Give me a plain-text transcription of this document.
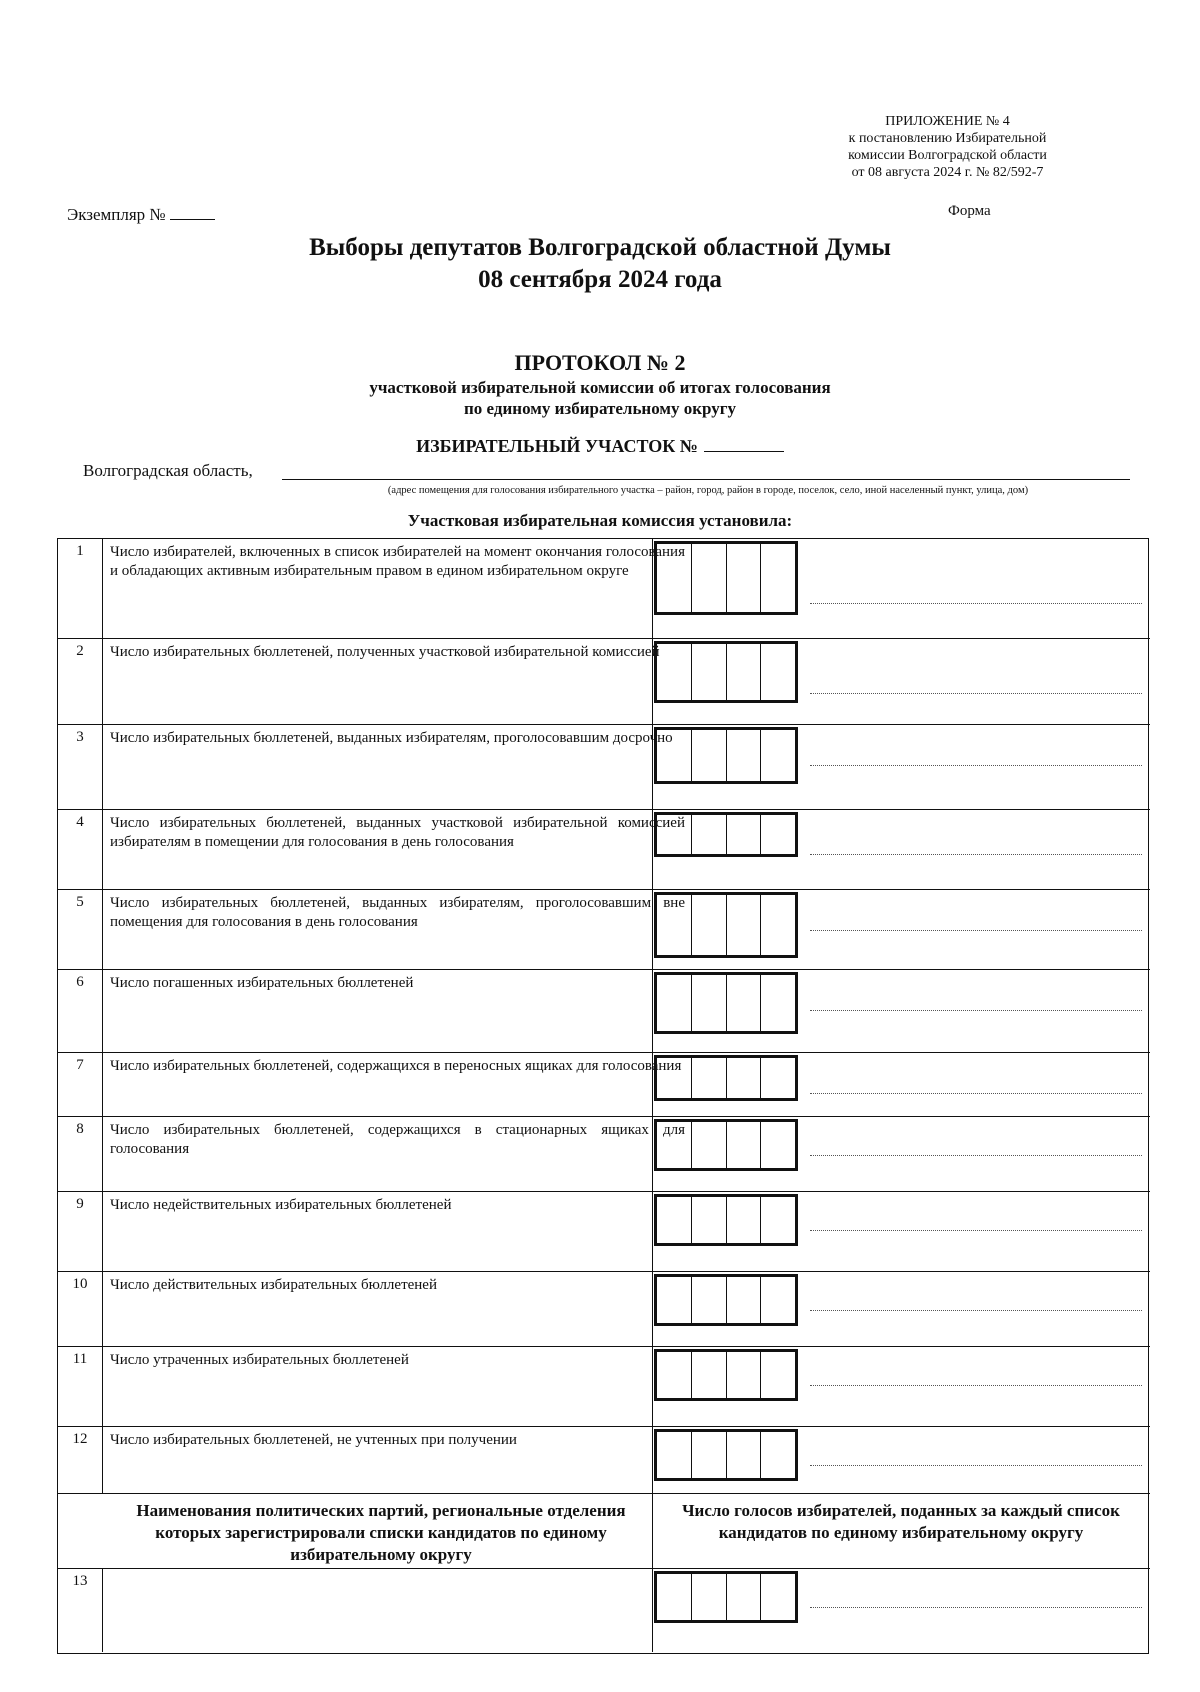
ПРИЛОЖЕНИЕ № 4
к постановлению Избирательной
комиссии Волгоградской области
от 08 августа 2024 г. № 82/592-7
Экземпляр №	Форма
Выборы депутатов Волгоградской областной Думы
08 сентября 2024 года
ПРОТОКОЛ № 2
участковой избирательной комиссии об итогах голосования
по единому избирательному округу
ИЗБИРАТЕЛЬНЫЙ УЧАСТОК №
Волгоградская область,
(адрес помещения для голосования избирательного участка – район, город, район в городе, поселок, село, иной населенный пункт, улица, дом)
Участковая избирательная комиссия установила:
1	Число избирателей, включенных в список избирателей на момент окончания голосования и обладающих активным избирательным правом в едином избирательном округе
2	Число избирательных бюллетеней, полученных участковой избирательной комиссией
3	Число избирательных бюллетеней, выданных избирателям, проголосовавшим досрочно
4	Число избирательных бюллетеней, выданных участковой избирательной комиссией избирателям в помещении для голосования в день голосования
5	Число избирательных бюллетеней, выданных избирателям, проголосовавшим вне помещения для голосования в день голосования
6	Число погашенных избирательных бюллетеней
7	Число избирательных бюллетеней, содержащихся в переносных ящиках для голосования
8	Число избирательных бюллетеней, содержащихся в стационарных ящиках для голосования
9	Число недействительных избирательных бюллетеней
10	Число действительных избирательных бюллетеней
11	Число утраченных избирательных бюллетеней
12	Число избирательных бюллетеней, не учтенных при получении
Наименования политических партий, региональные отделения которых зарегистрировали списки кандидатов по единому избирательному округу
Число голосов избирателей, поданных за каждый список кандидатов по единому избирательному округу
13
